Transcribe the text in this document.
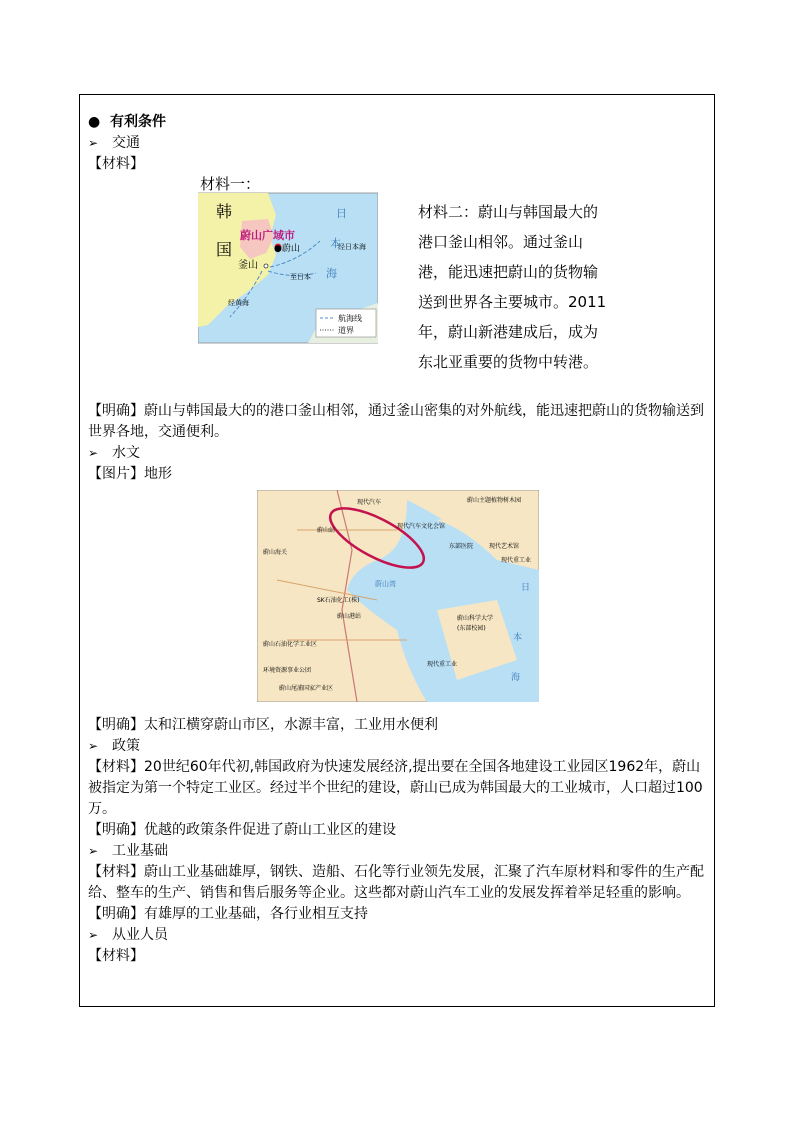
● 有利条件
➢ 交通
【材料】
材料一：
韩
国
蔚山广域市
●蔚山
釜山
至日本
经日本海
经黄海
日
本
海
航海线
道界
材料二：蔚山与韩国最大的港口釜山相邻。通过釜山港，能迅速把蔚山的货物输送到世界各主要城市。2011年，蔚山新港建成后，成为东北亚重要的货物中转港。
【明确】蔚山与韩国最大的的港口釜山相邻，通过釜山密集的对外航线，能迅速把蔚山的货物输送到世界各地，交通便利。
➢ 水文
【图片】地形
现代汽车
现代汽车文化会馆
蔚山主题植物树木园
蔚山站
蔚山海关
东部医院	现代艺术馆
现代重工业
蔚山湾
SK石油化工(株)
蔚山港站
蔚山石油化学工业区
环境资源事业公团
蔚山尾浦国家产业区
蔚山科学大学
(东部校园)
现代重工业
日
本
海
【明确】太和江横穿蔚山市区，水源丰富，工业用水便利
➢ 政策
【材料】20世纪60年代初,韩国政府为快速发展经济,提出要在全国各地建设工业园区1962年，蔚山被指定为第一个特定工业区。经过半个世纪的建设，蔚山已成为韩国最大的工业城市，人口超过100万。
【明确】优越的政策条件促进了蔚山工业区的建设
➢ 工业基础
【材料】蔚山工业基础雄厚，钢铁、造船、石化等行业领先发展，汇聚了汽车原材料和零件的生产配给、整车的生产、销售和售后服务等企业。这些都对蔚山汽车工业的发展发挥着举足轻重的影响。
【明确】有雄厚的工业基础，各行业相互支持
➢ 从业人员
【材料】
